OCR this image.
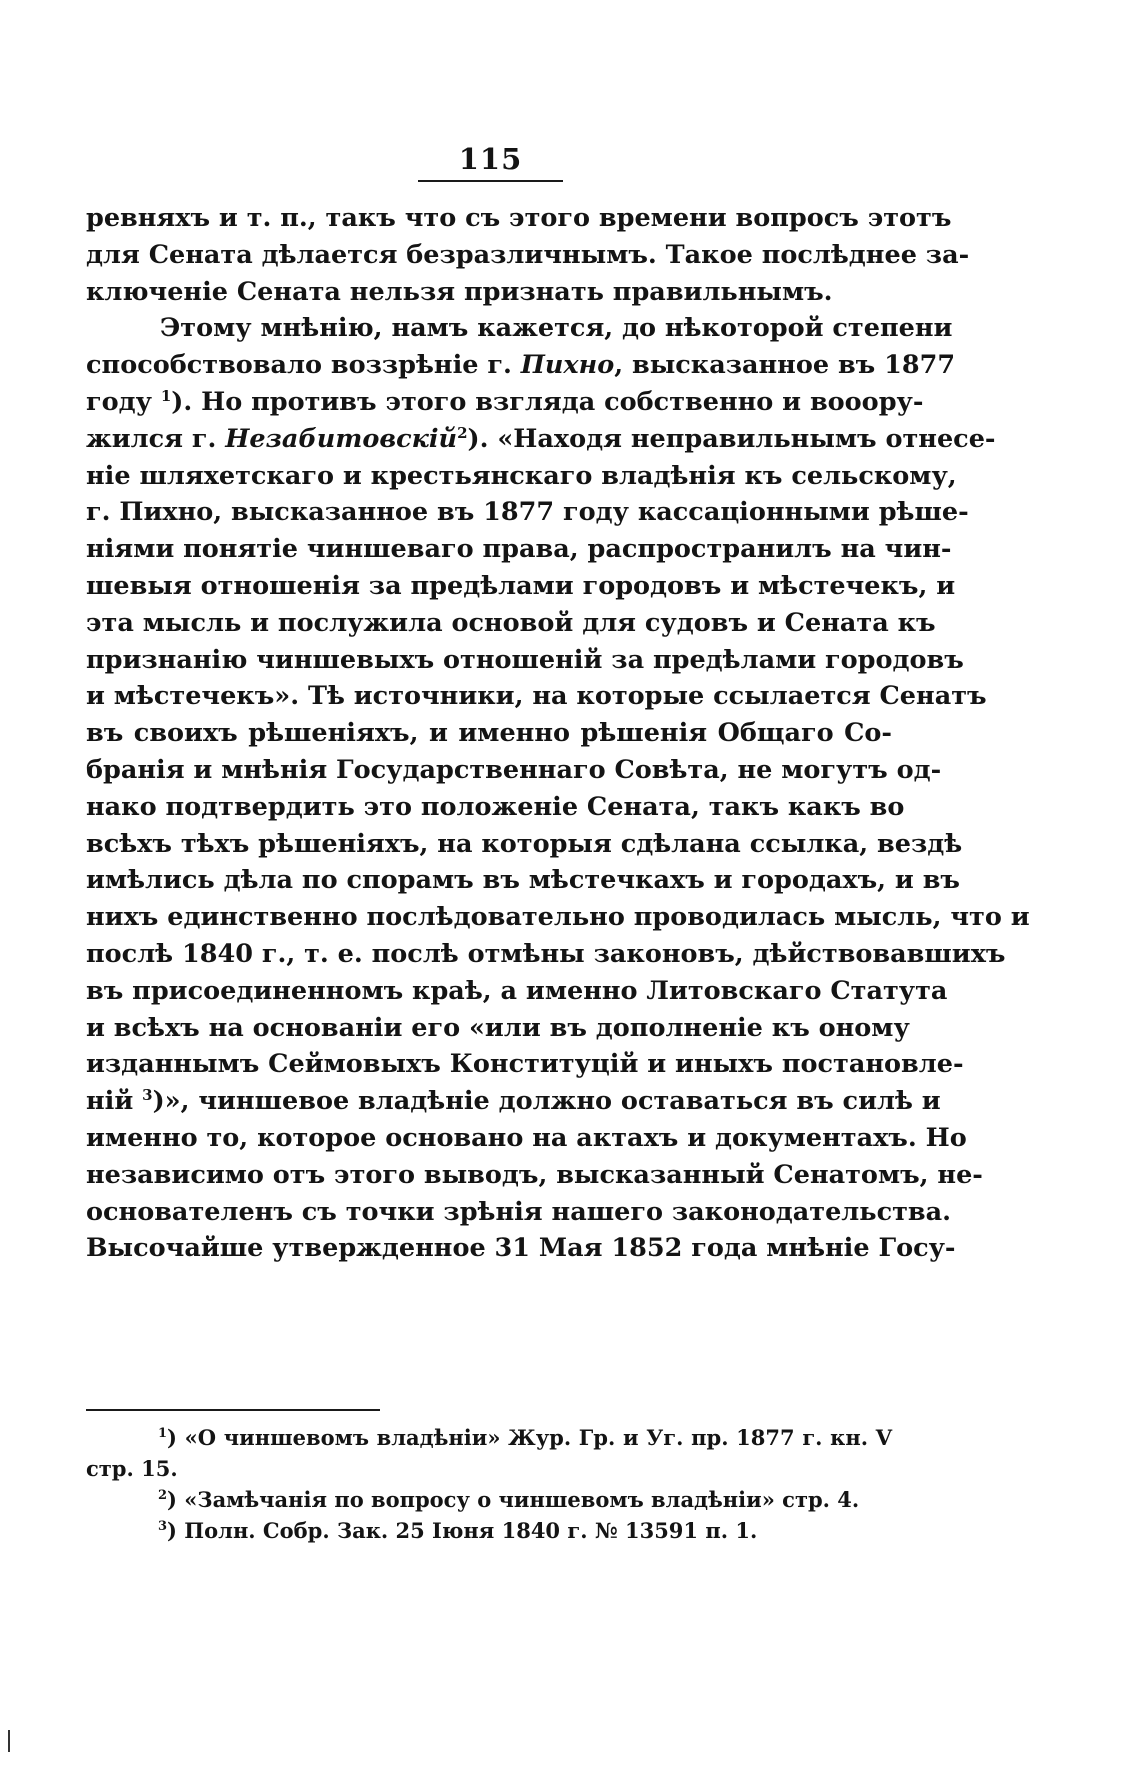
115
ревняхъ и т. п., такъ что съ этого времени вопросъ этотъ
для Сената дѣлается безразличнымъ. Такое послѣднее за-
ключеніе Сената нельзя признать правильнымъ.
Этому мнѣнію, намъ кажется, до нѣкоторой степени
способствовало воззрѣніе г. Пихно, высказанное въ 1877
году $^1$). Но противъ этого взгляда собственно и вооору-
жился г. Незабитовскій$^2$). «Находя неправильнымъ отнесе-
ніе шляхетскаго и крестьянскаго владѣнія къ сельскому,
г. Пихно, высказанное въ 1877 году кассаціонными рѣше-
ніями понятіе чиншеваго права, распространилъ на чин-
шевыя отношенія за предѣлами городовъ и мѣстечекъ, и
эта мысль и послужила основой для судовъ и Сената къ
признанію чиншевыхъ отношеній за предѣлами городовъ
и мѣстечекъ». Тѣ источники, на которые ссылается Сенатъ
въ своихъ рѣшеніяхъ, и именно рѣшенія Общаго Со-
бранія и мнѣнія Государственнаго Совѣта, не могутъ од-
нако подтвердить это положеніе Сената, такъ какъ во
всѣхъ тѣхъ рѣшеніяхъ, на которыя сдѣлана ссылка, вездѣ
имѣлись дѣла по спорамъ въ мѣстечкахъ и городахъ, и въ
нихъ единственно послѣдовательно проводилась мысль, что и
послѣ 1840 г., т. е. послѣ отмѣны законовъ, дѣйствовавшихъ
въ присоединенномъ краѣ, а именно Литовскаго Статута
и всѣхъ на основаніи его «или въ дополненіе къ оному
изданнымъ Сеймовыхъ Конституцій и иныхъ постановле-
ній $^3$)», чиншевое владѣніе должно оставаться въ силѣ и
именно то, которое основано на актахъ и документахъ. Но
независимо отъ этого выводъ, высказанный Сенатомъ, не-
основателенъ съ точки зрѣнія нашего законодательства.
Высочайше утвержденное 31 Мая 1852 года мнѣніе Госу-
$^1$) «О чиншевомъ владѣніи» Жур. Гр. и Уг. пр. 1877 г. кн. V
стр. 15.
$^2$) «Замѣчанія по вопросу о чиншевомъ владѣніи» стр. 4.
$^3$) Полн. Собр. Зак. 25 Іюня 1840 г. № 13591 п. 1.
